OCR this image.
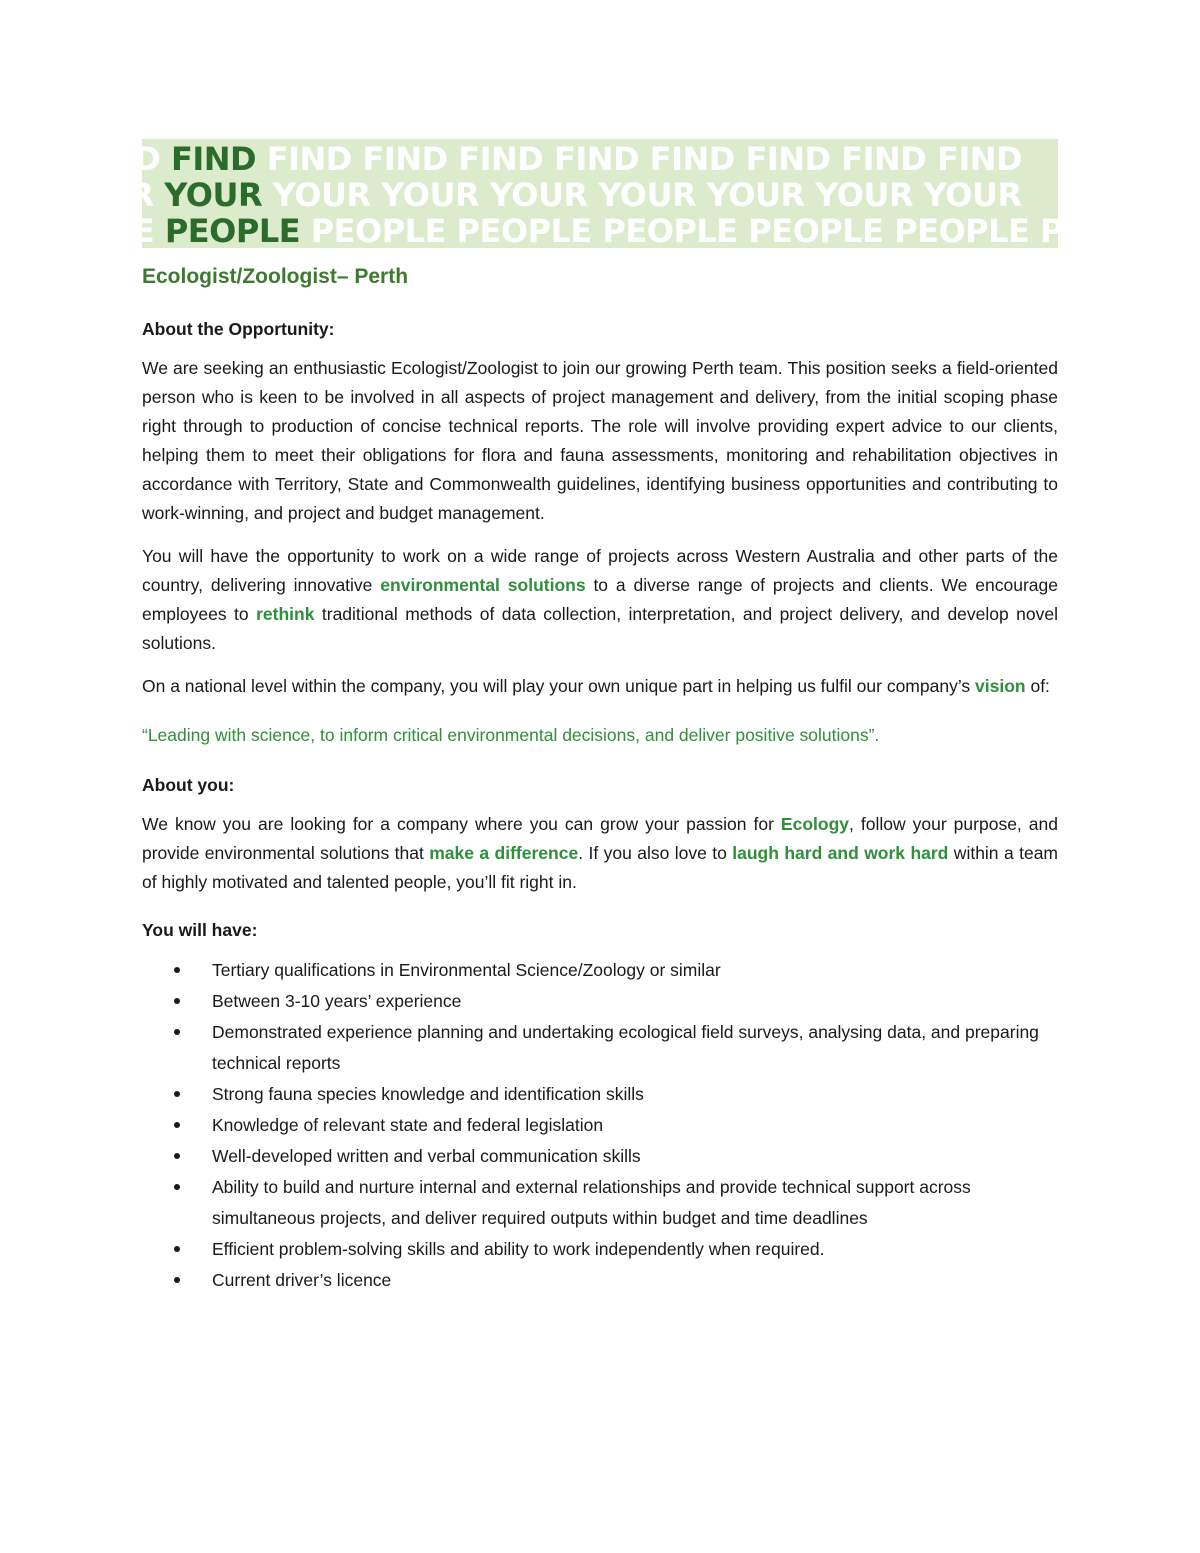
ND FIND FIND FIND FIND FIND FIND FIND FIND FIND
UR YOUR YOUR YOUR YOUR YOUR YOUR YOUR YOUR
PLE PEOPLE PEOPLE PEOPLE PEOPLE PEOPLE PEOPLE PEOPLE
Ecologist/Zoologist– Perth
About the Opportunity:

We are seeking an enthusiastic Ecologist/Zoologist to join our growing Perth team. This position seeks a field-oriented person who is keen to be involved in all aspects of project management and delivery, from the initial scoping phase right through to production of concise technical reports. The role will involve providing expert advice to our clients, helping them to meet their obligations for flora and fauna assessments, monitoring and rehabilitation objectives in accordance with Territory, State and Commonwealth guidelines, identifying business opportunities and contributing to work-winning, and project and budget management.

You will have the opportunity to work on a wide range of projects across Western Australia and other parts of the country, delivering innovative environmental solutions to a diverse range of projects and clients. We encourage employees to rethink traditional methods of data collection, interpretation, and project delivery, and develop novel solutions.

On a national level within the company, you will play your own unique part in helping us fulfil our company’s vision of:

“Leading with science, to inform critical environmental decisions, and deliver positive solutions”.
About you:

We know you are looking for a company where you can grow your passion for Ecology, follow your purpose, and provide environmental solutions that make a difference. If you also love to laugh hard and work hard within a team of highly motivated and talented people, you’ll fit right in.

You will have:
Tertiary qualifications in Environmental Science/Zoology or similar
Between 3-10 years’ experience
Demonstrated experience planning and undertaking ecological field surveys, analysing data, and preparing technical reports
Strong fauna species knowledge and identification skills
Knowledge of relevant state and federal legislation
Well-developed written and verbal communication skills
Ability to build and nurture internal and external relationships and provide technical support across simultaneous projects, and deliver required outputs within budget and time deadlines
Efficient problem-solving skills and ability to work independently when required.
Current driver’s licence
